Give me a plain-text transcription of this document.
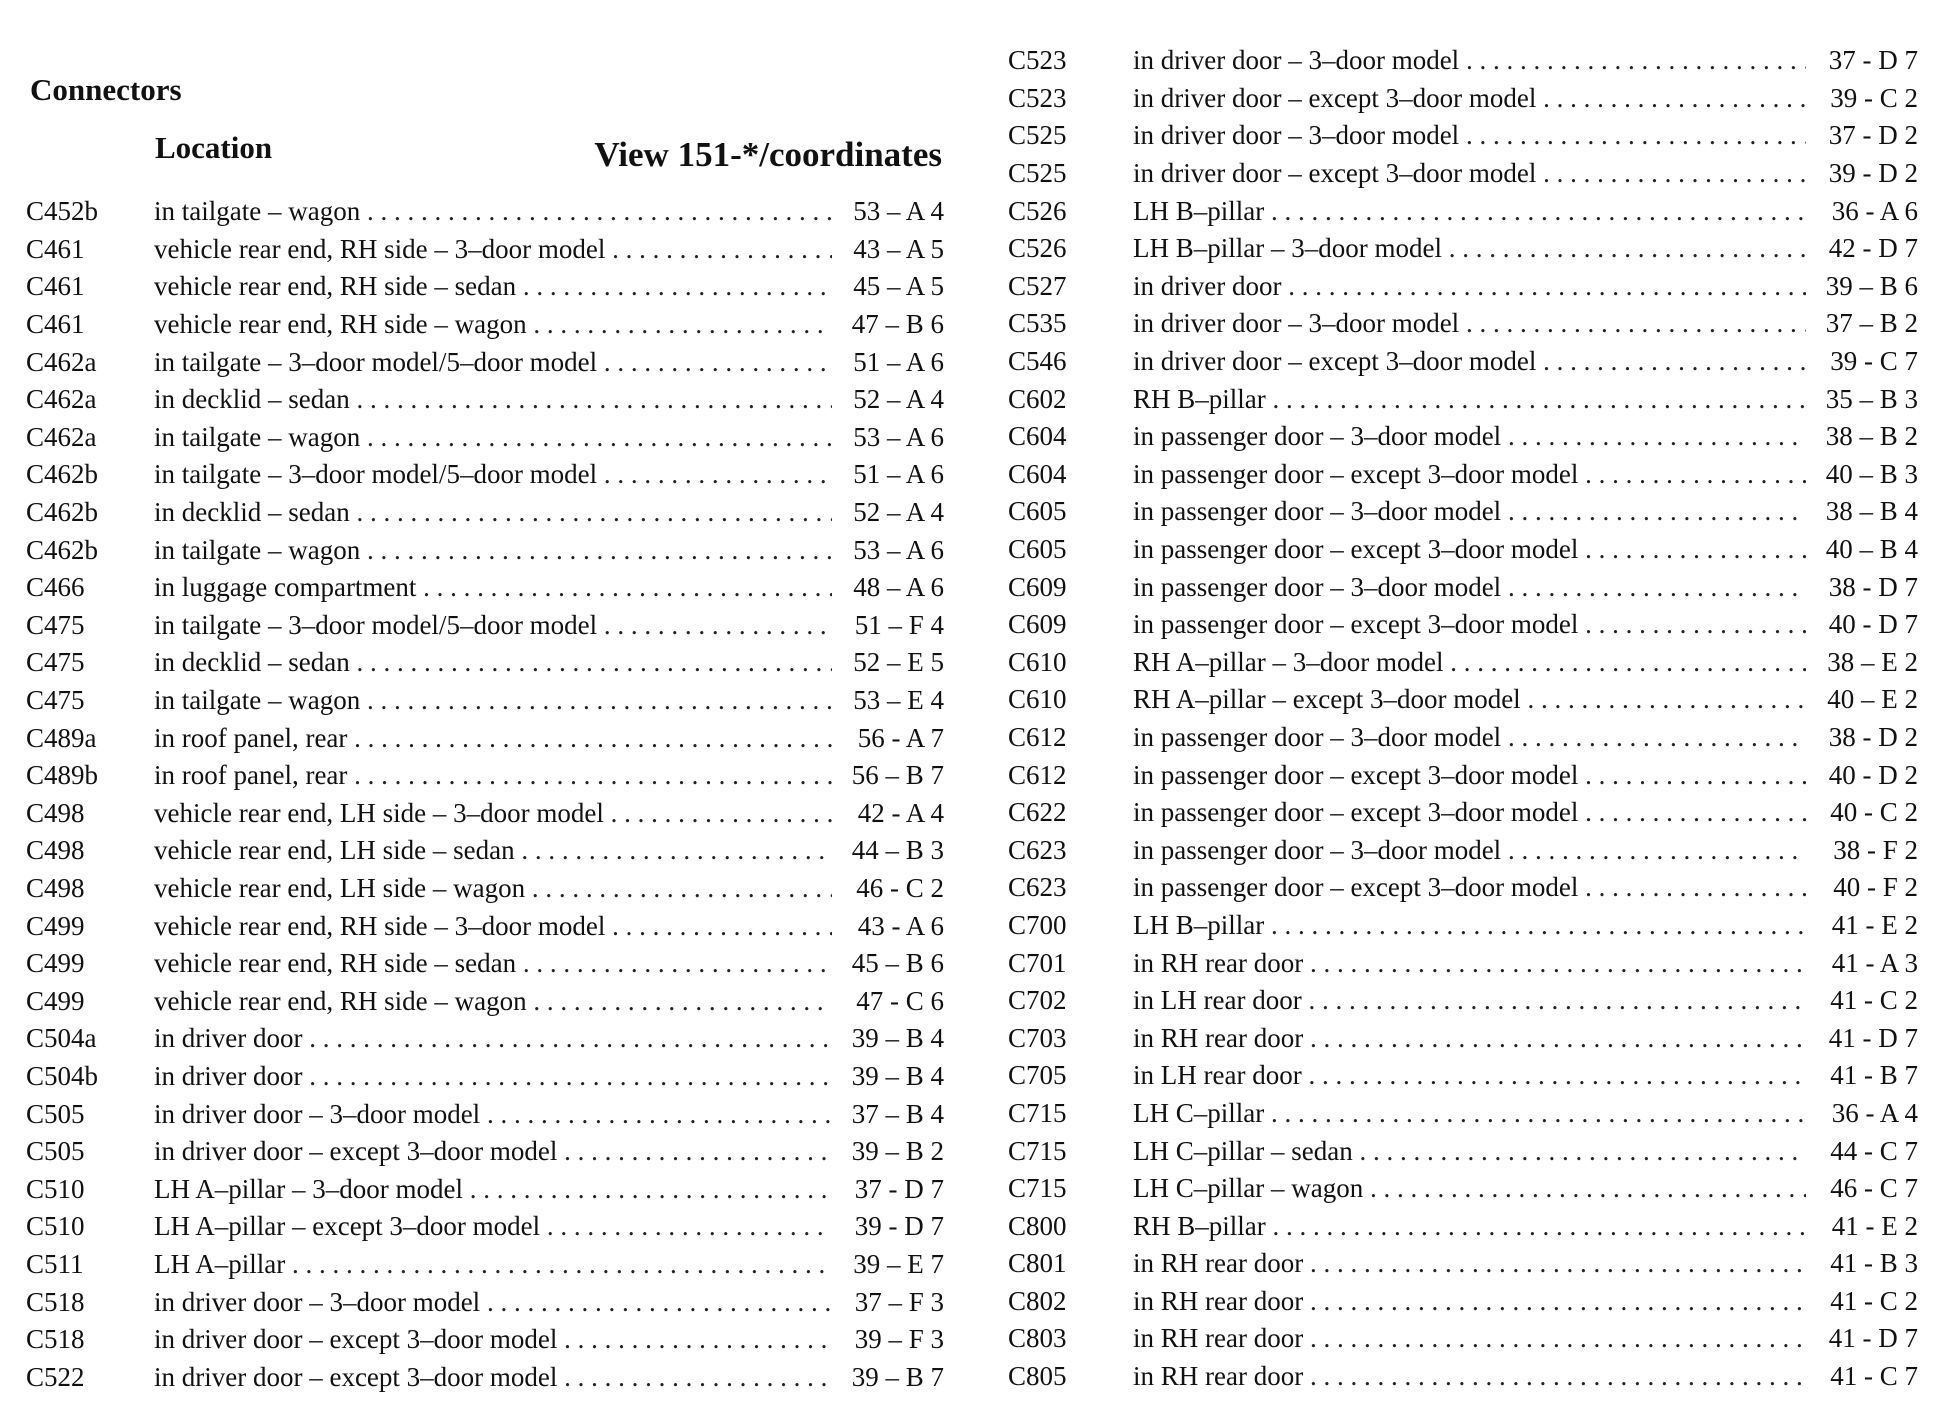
Connectors
Location	View 151-*/coordinates
C452b	in tailgate – wagon . . .	53 – A 4
C461	vehicle rear end, RH side – 3–door model . . .	43 – A 5
C461	vehicle rear end, RH side – sedan . . .	45 – A 5
C461	vehicle rear end, RH side – wagon . . .	47 – B 6
C462a	in tailgate – 3–door model/5–door model . . .	51 – A 6
C462a	in decklid – sedan . . .	52 – A 4
C462a	in tailgate – wagon . . .	53 – A 6
C462b	in tailgate – 3–door model/5–door model . . .	51 – A 6
C462b	in decklid – sedan . . .	52 – A 4
C462b	in tailgate – wagon . . .	53 – A 6
C466	in luggage compartment . . .	48 – A 6
C475	in tailgate – 3–door model/5–door model . . .	51 – F 4
C475	in decklid – sedan . . .	52 – E 5
C475	in tailgate – wagon . . .	53 – E 4
C489a	in roof panel, rear . . .	56 - A 7
C489b	in roof panel, rear . . .	56 – B 7
C498	vehicle rear end, LH side – 3–door model . . .	42 - A 4
C498	vehicle rear end, LH side – sedan . . .	44 – B 3
C498	vehicle rear end, LH side – wagon . . .	46 - C 2
C499	vehicle rear end, RH side – 3–door model . . .	43 - A 6
C499	vehicle rear end, RH side – sedan . . .	45 – B 6
C499	vehicle rear end, RH side – wagon . . .	47 - C 6
C504a	in driver door . . .	39 – B 4
C504b	in driver door . . .	39 – B 4
C505	in driver door – 3–door model . . .	37 – B 4
C505	in driver door – except 3–door model . . .	39 – B 2
C510	LH A–pillar – 3–door model . . .	37 - D 7
C510	LH A–pillar – except 3–door model . . .	39 - D 7
C511	LH A–pillar . . .	39 – E 7
C518	in driver door – 3–door model . . .	37 – F 3
C518	in driver door – except 3–door model . . .	39 – F 3
C522	in driver door – except 3–door model . . .	39 – B 7
C523	in driver door – 3–door model . . .	37 - D 7
C523	in driver door – except 3–door model . . .	39 - C 2
C525	in driver door – 3–door model . . .	37 - D 2
C525	in driver door – except 3–door model . . .	39 - D 2
C526	LH B–pillar . . .	36 - A 6
C526	LH B–pillar – 3–door model . . .	42 - D 7
C527	in driver door . . .	39 – B 6
C535	in driver door – 3–door model . . .	37 – B 2
C546	in driver door – except 3–door model . . .	39 - C 7
C602	RH B–pillar . . .	35 – B 3
C604	in passenger door – 3–door model . . .	38 – B 2
C604	in passenger door – except 3–door model . . .	40 – B 3
C605	in passenger door – 3–door model . . .	38 – B 4
C605	in passenger door – except 3–door model . . .	40 – B 4
C609	in passenger door – 3–door model . . .	38 - D 7
C609	in passenger door – except 3–door model . . .	40 - D 7
C610	RH A–pillar – 3–door model . . .	38 – E 2
C610	RH A–pillar – except 3–door model . . .	40 – E 2
C612	in passenger door – 3–door model . . .	38 - D 2
C612	in passenger door – except 3–door model . . .	40 - D 2
C622	in passenger door – except 3–door model . . .	40 - C 2
C623	in passenger door – 3–door model . . .	38 - F 2
C623	in passenger door – except 3–door model . . .	40 - F 2
C700	LH B–pillar . . .	41 - E 2
C701	in RH rear door . . .	41 - A 3
C702	in LH rear door . . .	41 - C 2
C703	in RH rear door . . .	41 - D 7
C705	in LH rear door . . .	41 - B 7
C715	LH C–pillar . . .	36 - A 4
C715	LH C–pillar – sedan . . .	44 - C 7
C715	LH C–pillar – wagon . . .	46 - C 7
C800	RH B–pillar . . .	41 - E 2
C801	in RH rear door . . .	41 - B 3
C802	in RH rear door . . .	41 - C 2
C803	in RH rear door . . .	41 - D 7
C805	in RH rear door . . .	41 - C 7
